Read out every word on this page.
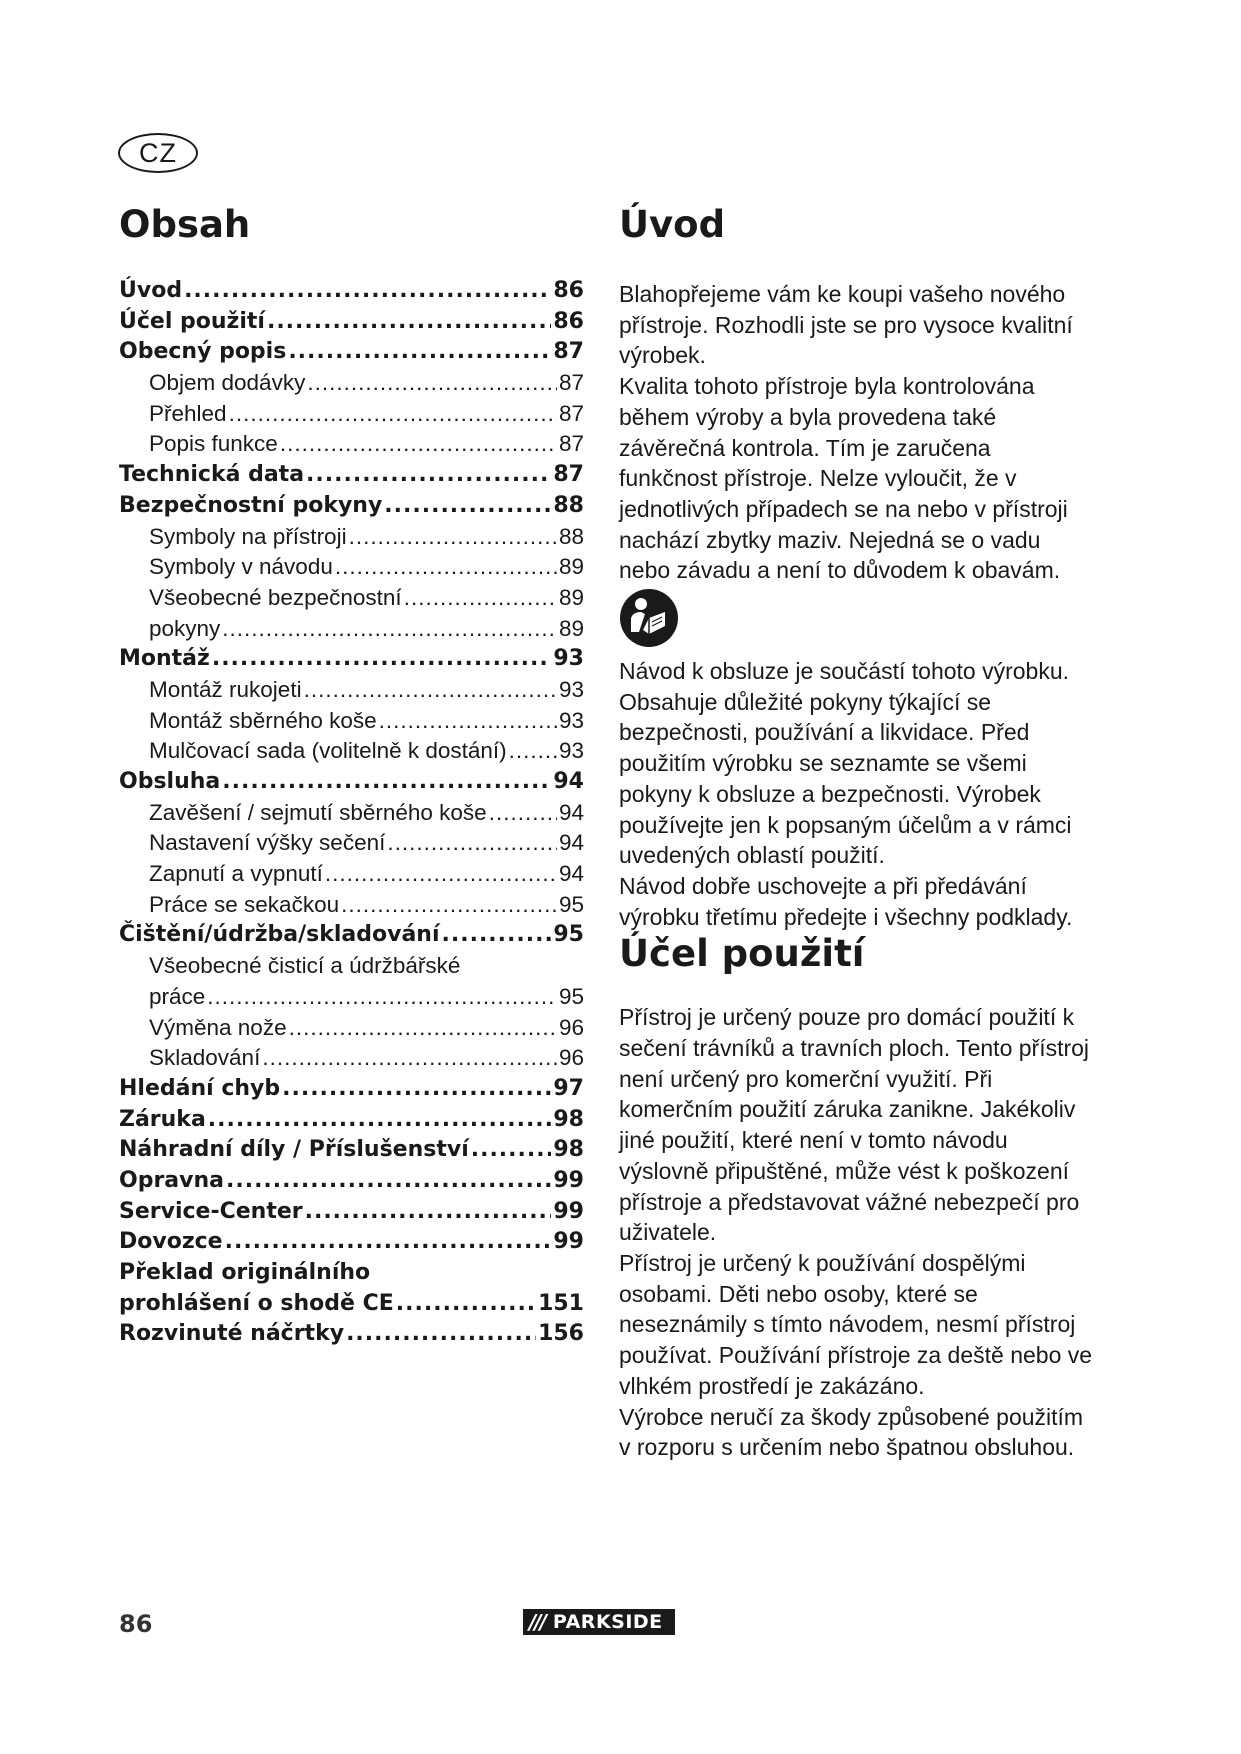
CZ
Obsah
Úvod .....	86
Účel použití .....	86
Obecný popis .....	87
Objem dodávky .....	87
Přehled .....	87
Popis funkce .....	87
Technická data .....	87
Bezpečnostní pokyny .....	88
Symboly na přístroji .....	88
Symboly v návodu .....	89
Všeobecné bezpečnostní .....	89
pokyny .....	89
Montáž .....	93
Montáž rukojeti .....	93
Montáž sběrného koše .....	93
Mulčovací sada (volitelně k dostání) ..... 93
Obsluha .....	94
Zavěšení / sejmutí sběrného koše .....	94
Nastavení výšky sečení .....	94
Zapnutí a vypnutí .....	94
Práce se sekačkou .....	95
Čištění/údržba/skladování .....	95
Všeobecné čisticí a údržbářské
práce .....	95
Výměna nože .....	96
Skladování .....	96
Hledání chyb .....	97
Záruka .....	98
Náhradní díly / Příslušenství .....	98
Opravna .....	99
Service-Center .....	99
Dovozce .....	99
Překlad originálního
prohlášení o shodě CE .....	151
Rozvinuté náčrtky .....	156
Úvod

Blahopřejeme vám ke koupi vašeho nového přístroje. Rozhodli jste se pro vysoce kvalitní výrobek.

Kvalita tohoto přístroje byla kontrolována během výroby a byla provedena také závěrečná kontrola. Tím je zaručena funkčnost přístroje. Nelze vyloučit, že v jednotlivých případech se na nebo v přístroji nachází zbytky maziv. Nejedná se o vadu nebo závadu a není to důvodem k obavám.

Návod k obsluze je součástí tohoto výrobku. Obsahuje důležité pokyny týkající se bezpečnosti, používání a likvidace. Před použitím výrobku se seznamte se všemi pokyny k obsluze a bezpečnosti. Výrobek používejte jen k popsaným účelům a v rámci uvedených oblastí použití.

Návod dobře uschovejte a při předávání výrobku třetímu předejte i všechny podklady.

Účel použití

Přístroj je určený pouze pro domácí použití k sečení trávníků a travních ploch. Tento přístroj není určený pro komerční využití. Při komerčním použití záruka zanikne. Jakékoliv jiné použití, které není v tomto návodu výslovně připuštěné, může vést k poškození přístroje a představovat vážné nebezpečí pro uživatele.

Přístroj je určený k používání dospělými osobami. Děti nebo osoby, které se neseznámily s tímto návodem, nesmí přístroj používat. Používání přístroje za deště nebo ve vlhkém prostředí je zakázáno.

Výrobce neručí za škody způsobené použitím v rozporu s určením nebo špatnou obsluhou.

86	/// PARKSIDE
